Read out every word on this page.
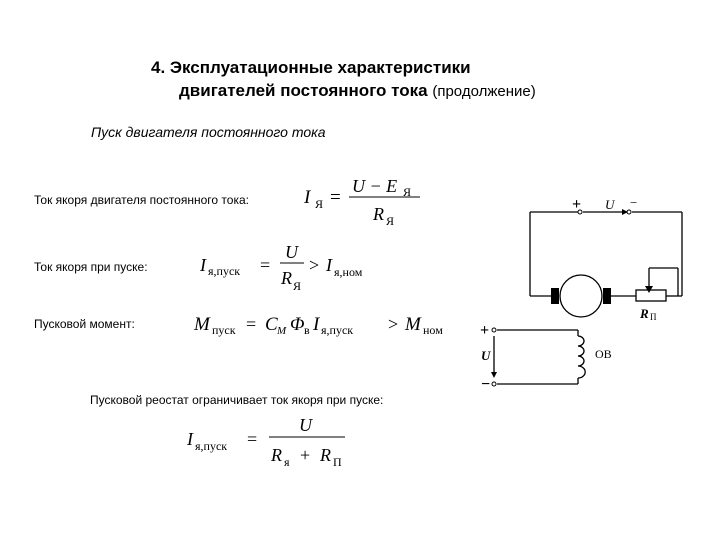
4. Эксплуатационные характеристики
двигателей постоянного тока (продолжение)
Пуск двигателя постоянного тока
Ток якоря двигателя постоянного тока:
Ток якоря при пуске:
Пусковой момент:
Пусковой реостат ограничивает ток якоря при пуске:
I Я =
U − E Я
R Я
I я,пуск =
U
R Я
> I я,ном
M пуск = C M Φ в I я,пуск > M ном
I я,пуск =
U
R я + R П
+ U −
R П
ОВ
+
U
−
